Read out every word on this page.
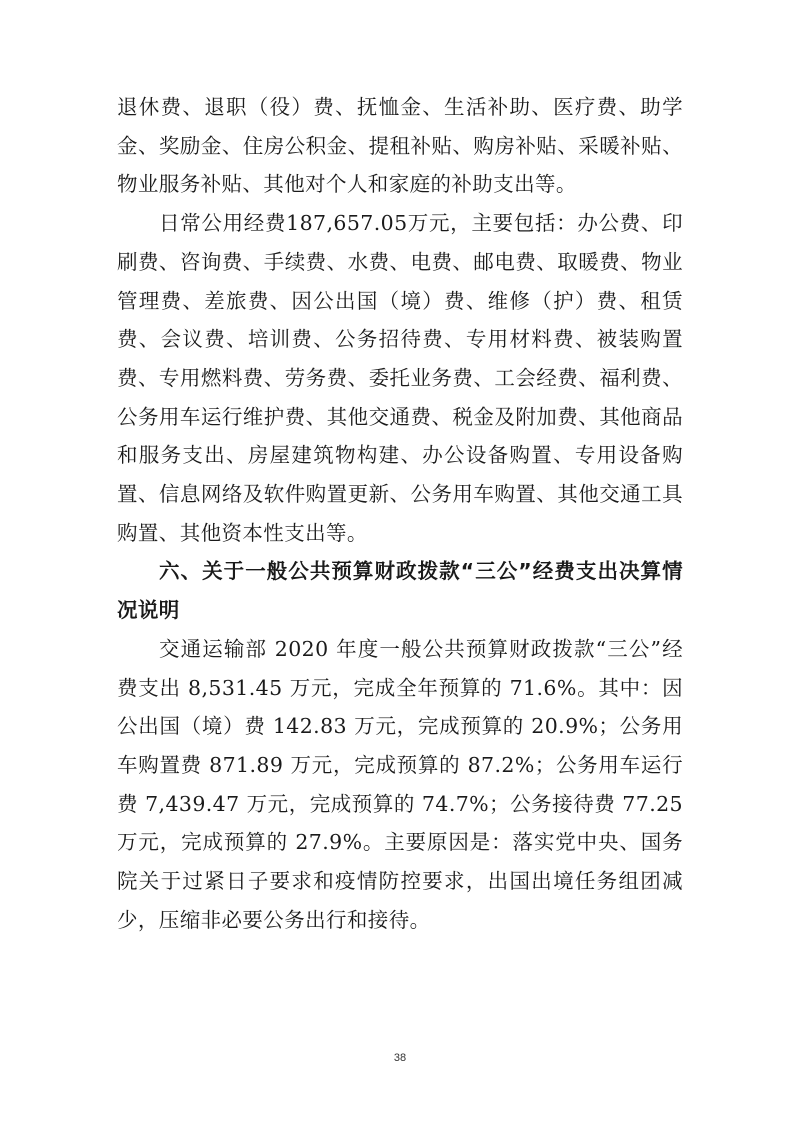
退休费、退职（役）费、抚恤金、生活补助、医疗费、助学金、奖励金、住房公积金、提租补贴、购房补贴、采暖补贴、物业服务补贴、其他对个人和家庭的补助支出等。

日常公用经费187,657.05万元，主要包括：办公费、印刷费、咨询费、手续费、水费、电费、邮电费、取暖费、物业管理费、差旅费、因公出国（境）费、维修（护）费、租赁费、会议费、培训费、公务招待费、专用材料费、被装购置费、专用燃料费、劳务费、委托业务费、工会经费、福利费、公务用车运行维护费、其他交通费、税金及附加费、其他商品和服务支出、房屋建筑物构建、办公设备购置、专用设备购置、信息网络及软件购置更新、公务用车购置、其他交通工具购置、其他资本性支出等。

六、关于一般公共预算财政拨款“三公”经费支出决算情况说明

交通运输部 2020 年度一般公共预算财政拨款“三公”经费支出 8,531.45 万元，完成全年预算的 71.6%。其中：因公出国（境）费 142.83 万元，完成预算的 20.9%；公务用车购置费 871.89 万元，完成预算的 87.2%；公务用车运行费 7,439.47 万元，完成预算的 74.7%；公务接待费 77.25 万元，完成预算的 27.9%。主要原因是：落实党中央、国务院关于过紧日子要求和疫情防控要求，出国出境任务组团减少，压缩非必要公务出行和接待。

38
